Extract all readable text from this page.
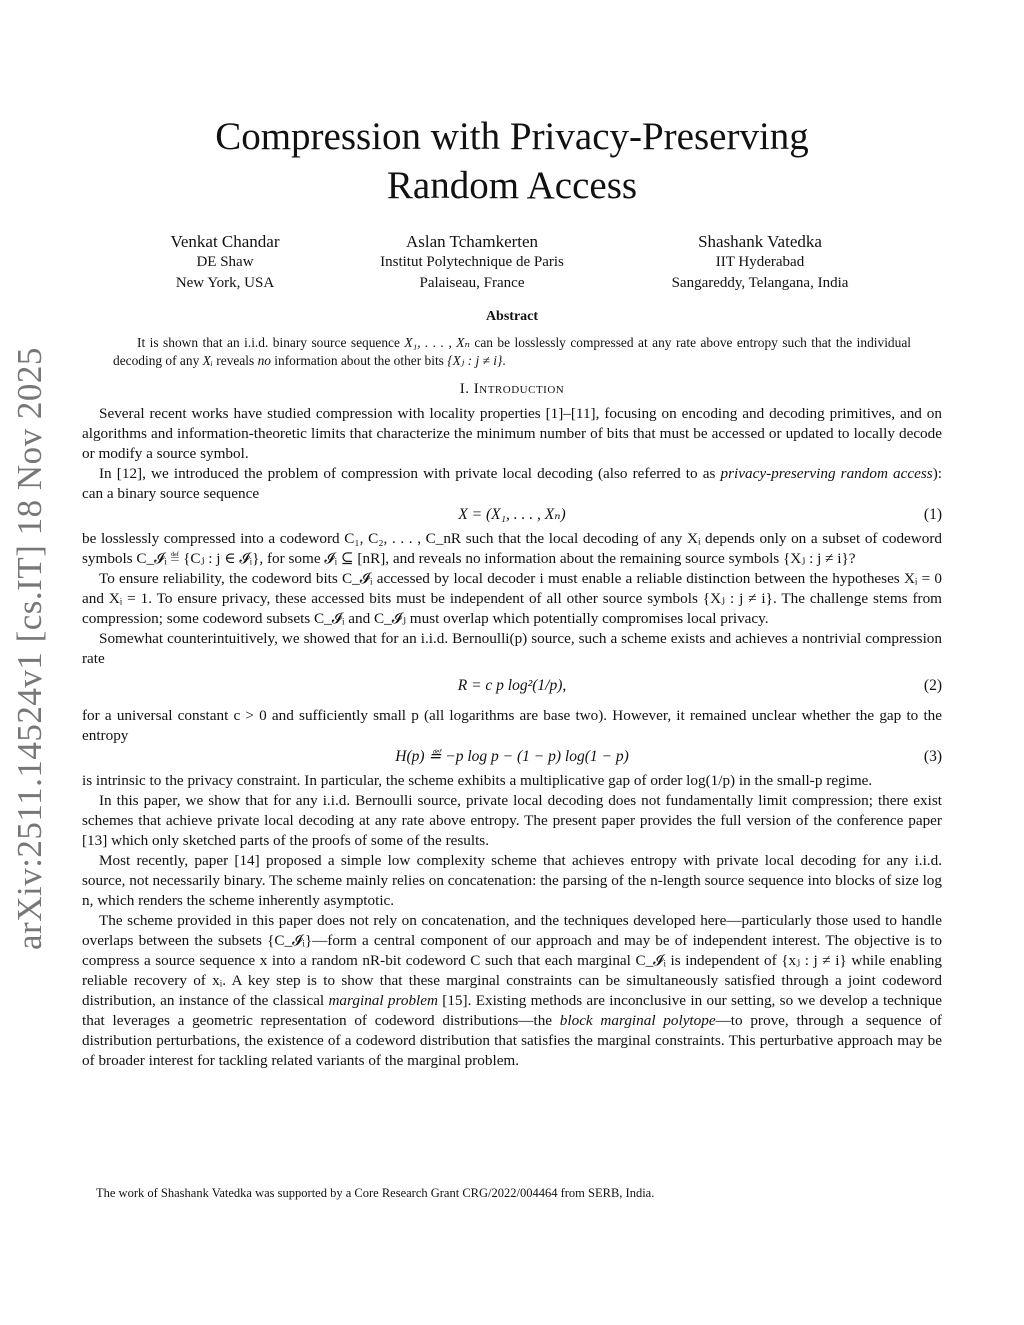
arXiv:2511.14524v1 [cs.IT] 18 Nov 2025
Compression with Privacy-Preserving
Random Access
Venkat Chandar
DE Shaw
New York, USA
Aslan Tchamkerten
Institut Polytechnique de Paris
Palaiseau, France
Shashank Vatedka
IIT Hyderabad
Sangareddy, Telangana, India
Abstract
It is shown that an i.i.d. binary source sequence X₁, . . . , Xₙ can be losslessly compressed at any rate above entropy such that the individual decoding of any Xᵢ reveals no information about the other bits {Xⱼ : j ≠ i}.
I. Introduction

Several recent works have studied compression with locality properties [1]–[11], focusing on encoding and decoding primitives, and on algorithms and information-theoretic limits that characterize the minimum number of bits that must be accessed or updated to locally decode or modify a source symbol.

In [12], we introduced the problem of compression with private local decoding (also referred to as privacy-preserving random access): can a binary source sequence

X = (X₁, . . . , Xₙ)	(1)

be losslessly compressed into a codeword C₁, C₂, . . . , C_nR such that the local decoding of any Xᵢ depends only on a subset of codeword symbols C_𝓘ᵢ ≝ {Cⱼ : j ∈ 𝓘ᵢ}, for some 𝓘ᵢ ⊆ [nR], and reveals no information about the remaining source symbols {Xⱼ : j ≠ i}?

To ensure reliability, the codeword bits C_𝓘ᵢ accessed by local decoder i must enable a reliable distinction between the hypotheses Xᵢ = 0 and Xᵢ = 1. To ensure privacy, these accessed bits must be independent of all other source symbols {Xⱼ : j ≠ i}. The challenge stems from compression; some codeword subsets C_𝓘ᵢ and C_𝓘ⱼ must overlap which potentially compromises local privacy.

Somewhat counterintuitively, we showed that for an i.i.d. Bernoulli(p) source, such a scheme exists and achieves a nontrivial compression rate

R = c p log²(1/p),	(2)

for a universal constant c > 0 and sufficiently small p (all logarithms are base two). However, it remained unclear whether the gap to the entropy

H(p) ≝ −p log p − (1 − p) log(1 − p)	(3)

is intrinsic to the privacy constraint. In particular, the scheme exhibits a multiplicative gap of order log(1/p) in the small-p regime.

In this paper, we show that for any i.i.d. Bernoulli source, private local decoding does not fundamentally limit compression; there exist schemes that achieve private local decoding at any rate above entropy. The present paper provides the full version of the conference paper [13] which only sketched parts of the proofs of some of the results.

Most recently, paper [14] proposed a simple low complexity scheme that achieves entropy with private local decoding for any i.i.d. source, not necessarily binary. The scheme mainly relies on concatenation: the parsing of the n-length source sequence into blocks of size log n, which renders the scheme inherently asymptotic.

The scheme provided in this paper does not rely on concatenation, and the techniques developed here—particularly those used to handle overlaps between the subsets {C_𝓘ᵢ}—form a central component of our approach and may be of independent interest. The objective is to compress a source sequence x into a random nR-bit codeword C such that each marginal C_𝓘ᵢ is independent of {xⱼ : j ≠ i} while enabling reliable recovery of xᵢ. A key step is to show that these marginal constraints can be simultaneously satisfied through a joint codeword distribution, an instance of the classical marginal problem [15]. Existing methods are inconclusive in our setting, so we develop a technique that leverages a geometric representation of codeword distributions—the block marginal polytope—to prove, through a sequence of distribution perturbations, the existence of a codeword distribution that satisfies the marginal constraints. This perturbative approach may be of broader interest for tackling related variants of the marginal problem.

The work of Shashank Vatedka was supported by a Core Research Grant CRG/2022/004464 from SERB, India.
